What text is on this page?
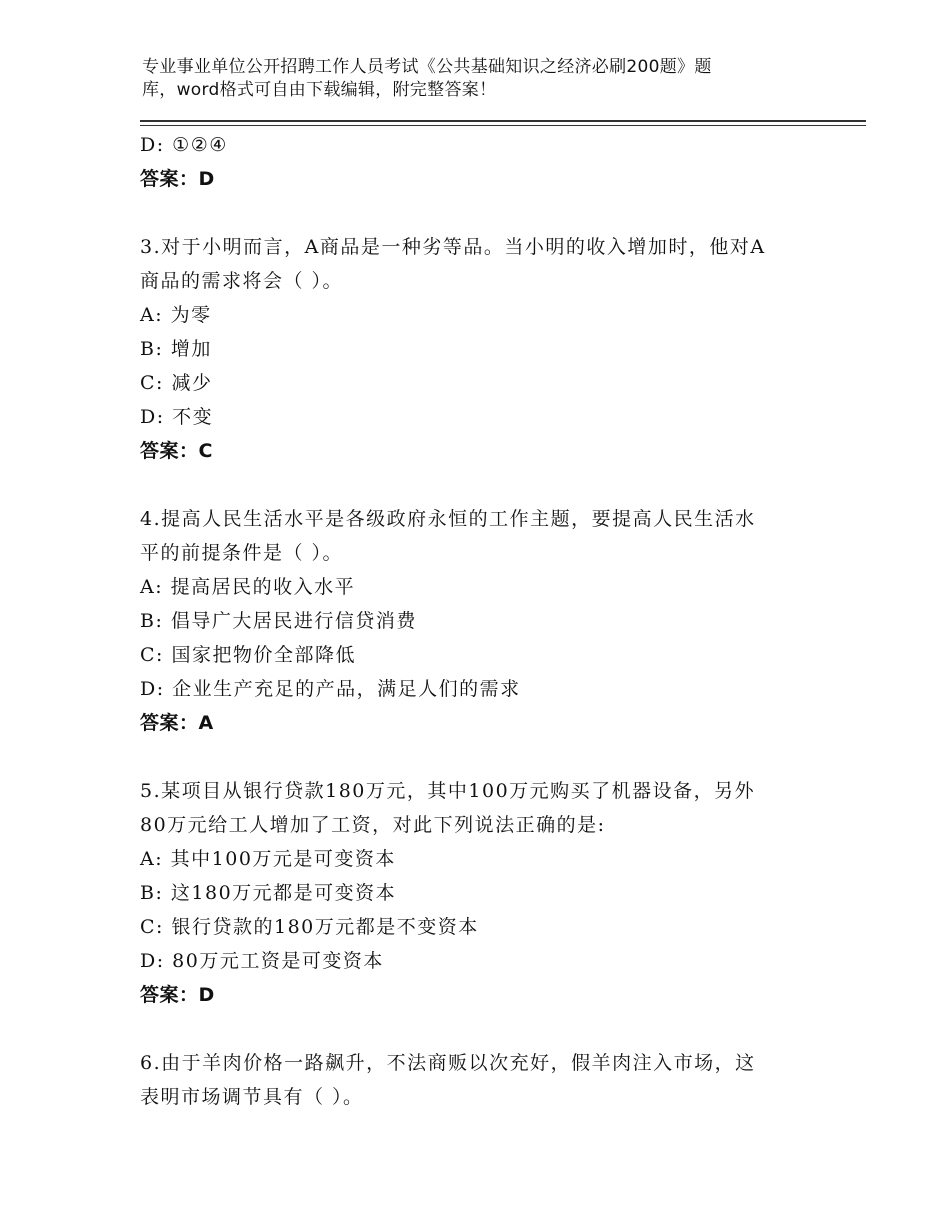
专业事业单位公开招聘工作人员考试《公共基础知识之经济必刷200题》题
库，word格式可自由下载编辑，附完整答案！
D: ①②④
答案：D
3.对于小明而言，A商品是一种劣等品。当小明的收入增加时，他对A
商品的需求将会（ ）。
A: 为零
B: 增加
C: 减少
D: 不变
答案：C
4.提高人民生活水平是各级政府永恒的工作主题，要提高人民生活水
平的前提条件是（ ）。
A: 提高居民的收入水平
B: 倡导广大居民进行信贷消费
C: 国家把物价全部降低
D: 企业生产充足的产品，满足人们的需求
答案：A
5.某项目从银行贷款180万元，其中100万元购买了机器设备，另外
80万元给工人增加了工资，对此下列说法正确的是:
A: 其中100万元是可变资本
B: 这180万元都是可变资本
C: 银行贷款的180万元都是不变资本
D: 80万元工资是可变资本
答案：D
6.由于羊肉价格一路飙升，不法商贩以次充好，假羊肉注入市场，这
表明市场调节具有（ ）。
